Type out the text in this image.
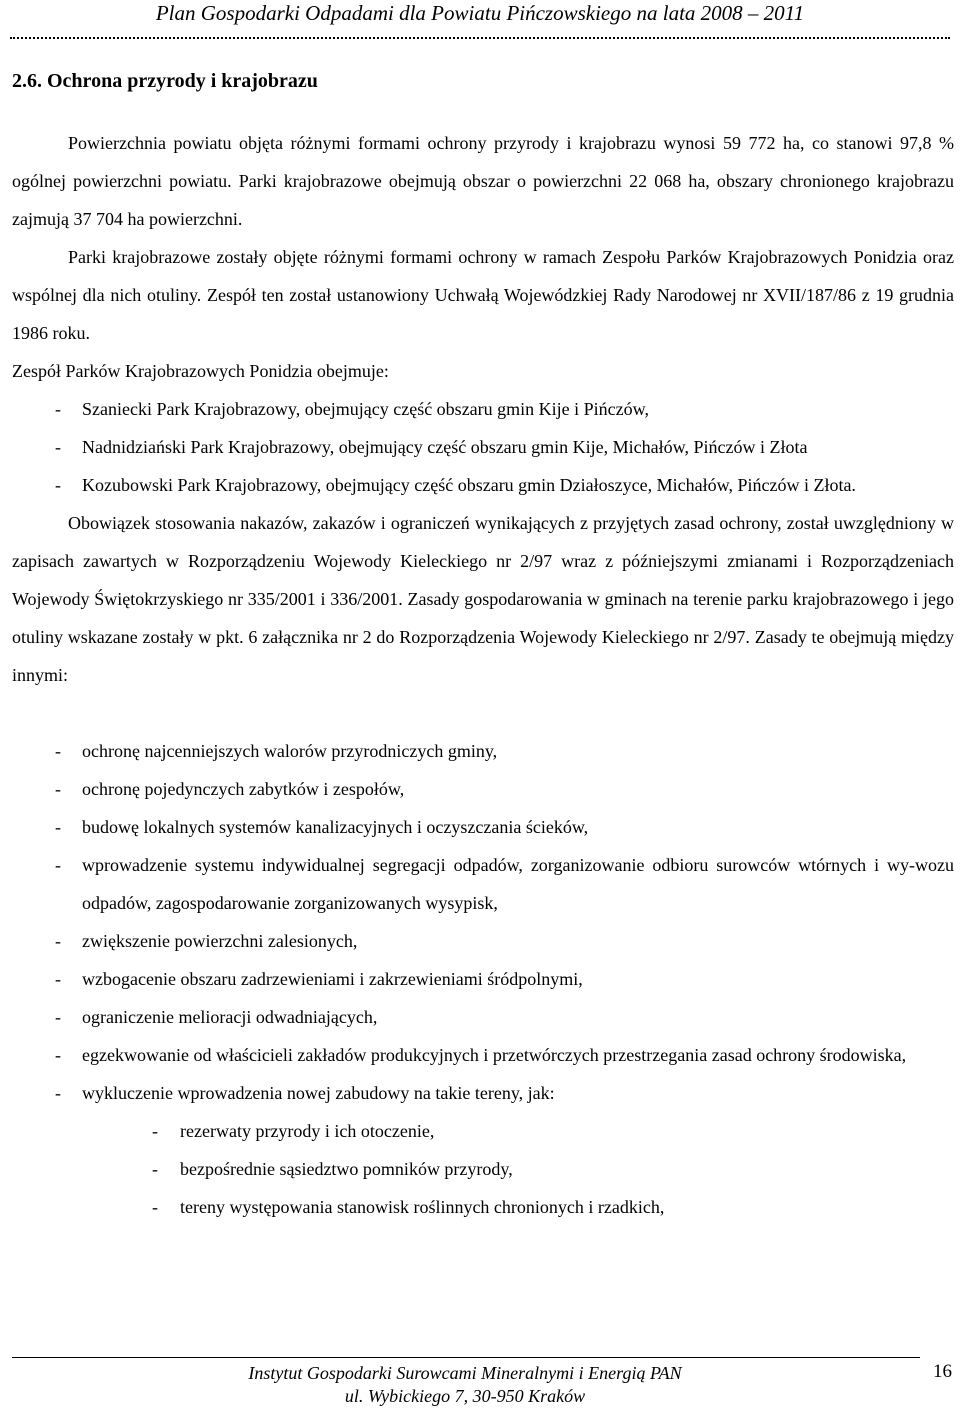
Plan Gospodarki Odpadami dla Powiatu Pińczowskiego na lata 2008 – 2011
2.6. Ochrona przyrody i krajobrazu

Powierzchnia powiatu objęta różnymi formami ochrony przyrody i krajobrazu wynosi 59 772 ha, co stanowi 97,8 % ogólnej powierzchni powiatu. Parki krajobrazowe obejmują obszar o powierzchni 22 068 ha, obszary chronionego krajobrazu zajmują 37 704 ha powierzchni.

Parki krajobrazowe zostały objęte różnymi formami ochrony w ramach Zespołu Parków Krajobrazowych Ponidzia oraz wspólnej dla nich otuliny. Zespół ten został ustanowiony Uchwałą Wojewódzkiej Rady Narodowej nr XVII/187/86 z 19 grudnia 1986 roku.

Zespół Parków Krajobrazowych Ponidzia obejmuje:

- Szaniecki Park Krajobrazowy, obejmujący część obszaru gmin Kije i Pińczów,
- Nadnidziański Park Krajobrazowy, obejmujący część obszaru gmin Kije, Michałów, Pińczów i Złota
- Kozubowski Park Krajobrazowy, obejmujący część obszaru gmin Działoszyce, Michałów, Pińczów i Złota.

Obowiązek stosowania nakazów, zakazów i ograniczeń wynikających z przyjętych zasad ochrony, został uwzględniony w zapisach zawartych w Rozporządzeniu Wojewody Kieleckiego nr 2/97 wraz z późniejszymi zmianami i Rozporządzeniach Wojewody Świętokrzyskiego nr 335/2001 i 336/2001. Zasady gospodarowania w gminach na terenie parku krajobrazowego i jego otuliny wskazane zostały w pkt. 6 załącznika nr 2 do Rozporządzenia Wojewody Kieleckiego nr 2/97. Zasady te obejmują między innymi:

- ochronę najcenniejszych walorów przyrodniczych gminy,
- ochronę pojedynczych zabytków i zespołów,
- budowę lokalnych systemów kanalizacyjnych i oczyszczania ścieków,
- wprowadzenie systemu indywidualnej segregacji odpadów, zorganizowanie odbioru surowców wtórnych i wy-wozu odpadów, zagospodarowanie zorganizowanych wysypisk,
- zwiększenie powierzchni zalesionych,
- wzbogacenie obszaru zadrzewieniami i zakrzewieniami śródpolnymi,
- ograniczenie melioracji odwadniających,
- egzekwowanie od właścicieli zakładów produkcyjnych i przetwórczych przestrzegania zasad ochrony środowiska,
- wykluczenie wprowadzenia nowej zabudowy na takie tereny, jak:
- rezerwaty przyrody i ich otoczenie,
- bezpośrednie sąsiedztwo pomników przyrody,
- tereny występowania stanowisk roślinnych chronionych i rzadkich,
Instytut Gospodarki Surowcami Mineralnymi i Energią PAN
ul. Wybickiego 7, 30-950 Kraków
16
